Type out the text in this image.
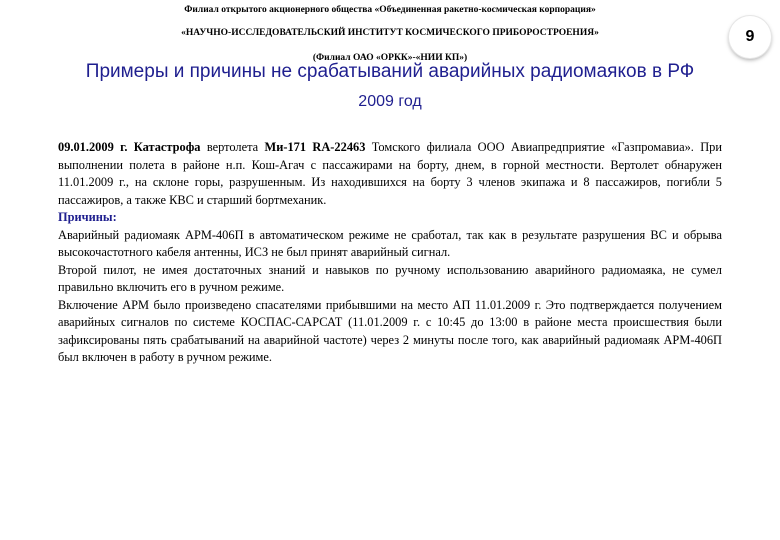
Филиал открытого акционерного общества «Объединенная ракетно-космическая корпорация»
«НАУЧНО-ИССЛЕДОВАТЕЛЬСКИЙ ИНСТИТУТ КОСМИЧЕСКОГО ПРИБОРОСТРОЕНИЯ»
(Филиал ОАО «ОРКК»-«НИИ КП»)
9
Примеры и причины не срабатываний аварийных радиомаяков в РФ
2009 год

09.01.2009 г. Катастрофа вертолета Ми-171 RA-22463 Томского филиала ООО Авиапредприятие «Газпромавиа». При выполнении полета в районе н.п. Кош-Агач с пассажирами на борту, днем, в горной местности. Вертолет обнаружен 11.01.2009 г., на склоне горы, разрушенным. Из находившихся на борту 3 членов экипажа и 8 пассажиров, погибли 5 пассажиров, а также КВС и старший бортмеханик.

Причины:

Аварийный радиомаяк АРМ-406П в автоматическом режиме не сработал, так как в результате разрушения ВС и обрыва высокочастотного кабеля антенны, ИСЗ не был принят аварийный сигнал.

Второй пилот, не имея достаточных знаний и навыков по ручному использованию аварийного радиомаяка, не сумел правильно включить его в ручном режиме.

Включение АРМ было произведено спасателями прибывшими на место АП 11.01.2009 г. Это подтверждается получением аварийных сигналов по системе КОСПАС-САРСАТ (11.01.2009 г. с 10:45 до 13:00 в районе места происшествия были зафиксированы пять срабатываний на аварийной частоте) через 2 минуты после того, как аварийный радиомаяк АРМ-406П был включен в работу в ручном режиме.
